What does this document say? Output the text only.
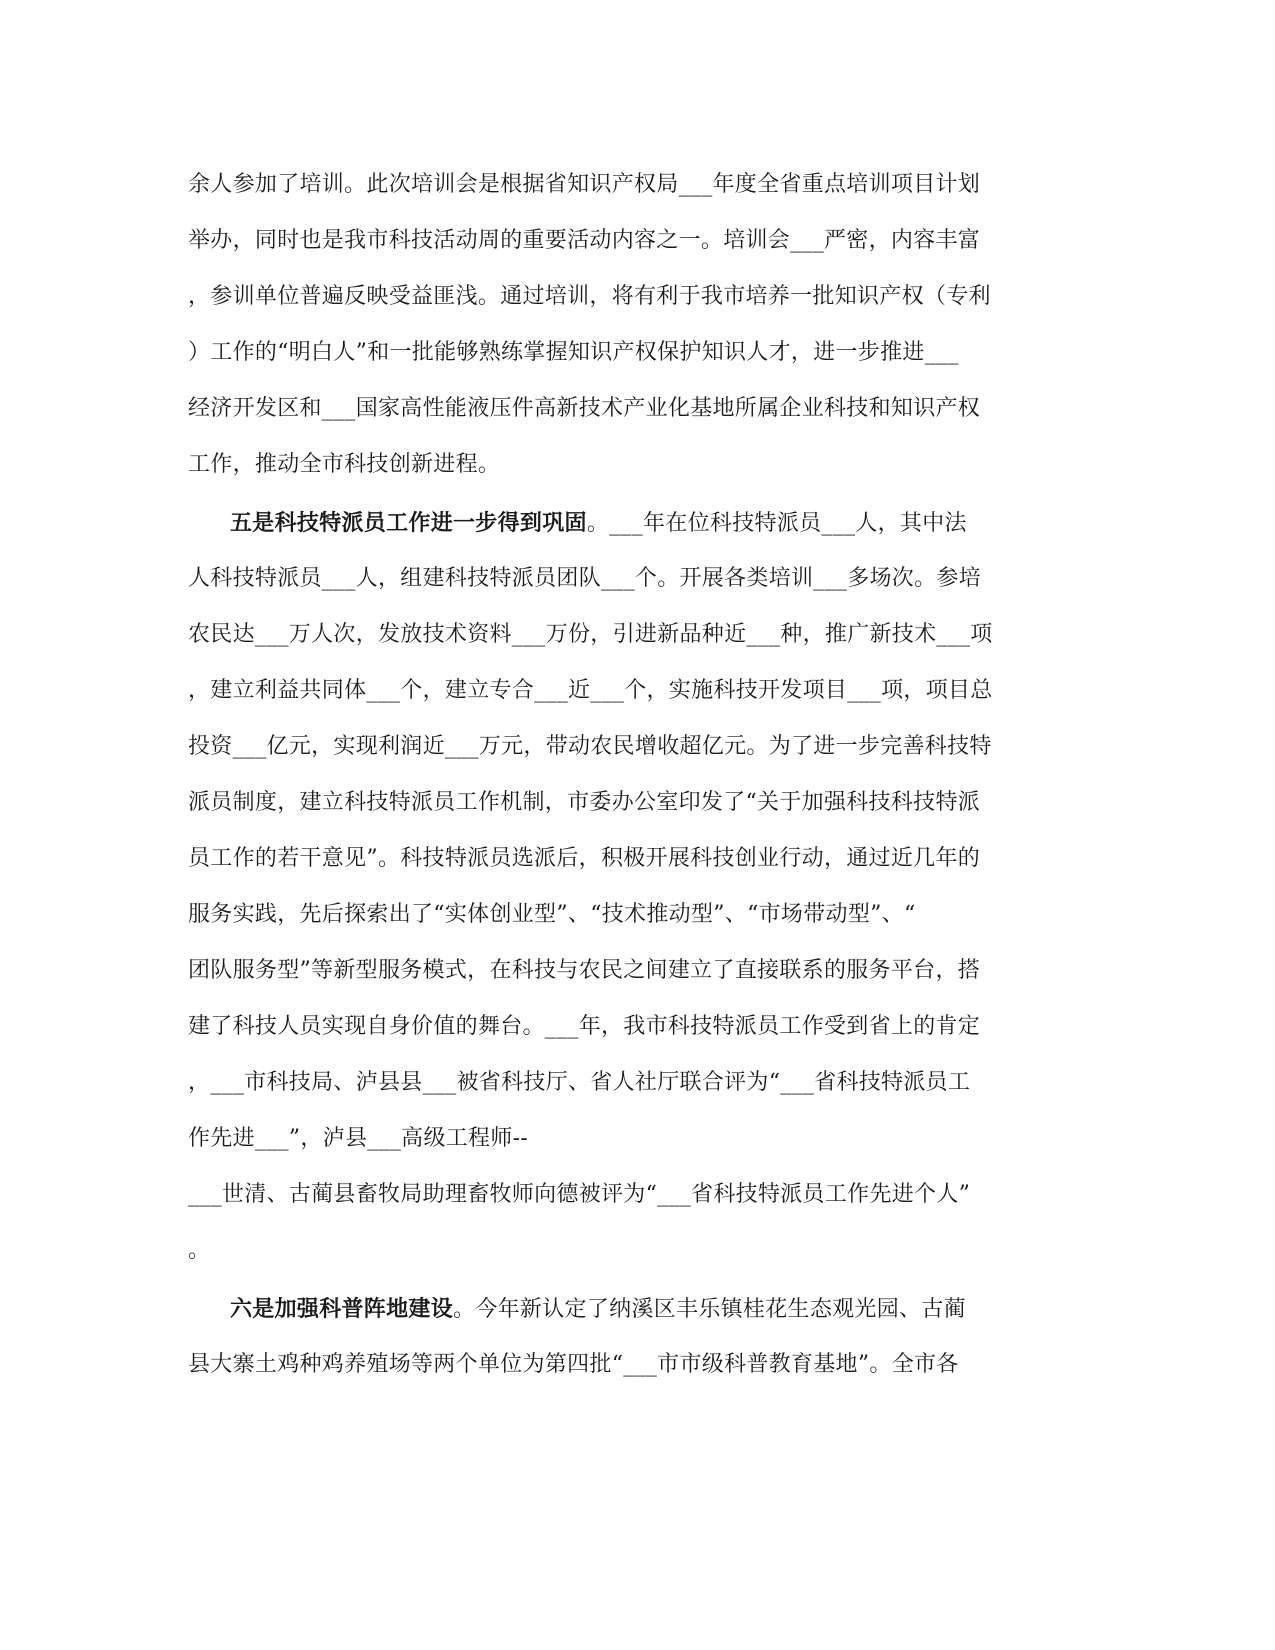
余人参加了培训。此次培训会是根据省知识产权局___年度全省重点培训项目计划
举办，同时也是我市科技活动周的重要活动内容之一。培训会___严密，内容丰富
，参训单位普遍反映受益匪浅。通过培训，将有利于我市培养一批知识产权（专利
）工作的“明白人”和一批能够熟练掌握知识产权保护知识人才，进一步推进___
经济开发区和___国家高性能液压件高新技术产业化基地所属企业科技和知识产权
工作，推动全市科技创新进程。
五是科技特派员工作进一步得到巩固。___年在位科技特派员___人，其中法
人科技特派员___人，组建科技特派员团队___个。开展各类培训___多场次。参培
农民达___万人次，发放技术资料___万份，引进新品种近___种，推广新技术___项
，建立利益共同体___个，建立专合___近___个，实施科技开发项目___项，项目总
投资___亿元，实现利润近___万元，带动农民增收超亿元。为了进一步完善科技特
派员制度，建立科技特派员工作机制，市委办公室印发了“关于加强科技科技特派
员工作的若干意见”。科技特派员选派后，积极开展科技创业行动，通过近几年的
服务实践，先后探索出了“实体创业型”、“技术推动型”、“市场带动型”、“
团队服务型”等新型服务模式，在科技与农民之间建立了直接联系的服务平台，搭
建了科技人员实现自身价值的舞台。___年，我市科技特派员工作受到省上的肯定
，___市科技局、泸县县___被省科技厅、省人社厅联合评为“___省科技特派员工
作先进___”，泸县___高级工程师--
___世清、古蔺县畜牧局助理畜牧师向德被评为“___省科技特派员工作先进个人”
。
六是加强科普阵地建设。今年新认定了纳溪区丰乐镇桂花生态观光园、古蔺
县大寨土鸡种鸡养殖场等两个单位为第四批“___市市级科普教育基地”。全市各
